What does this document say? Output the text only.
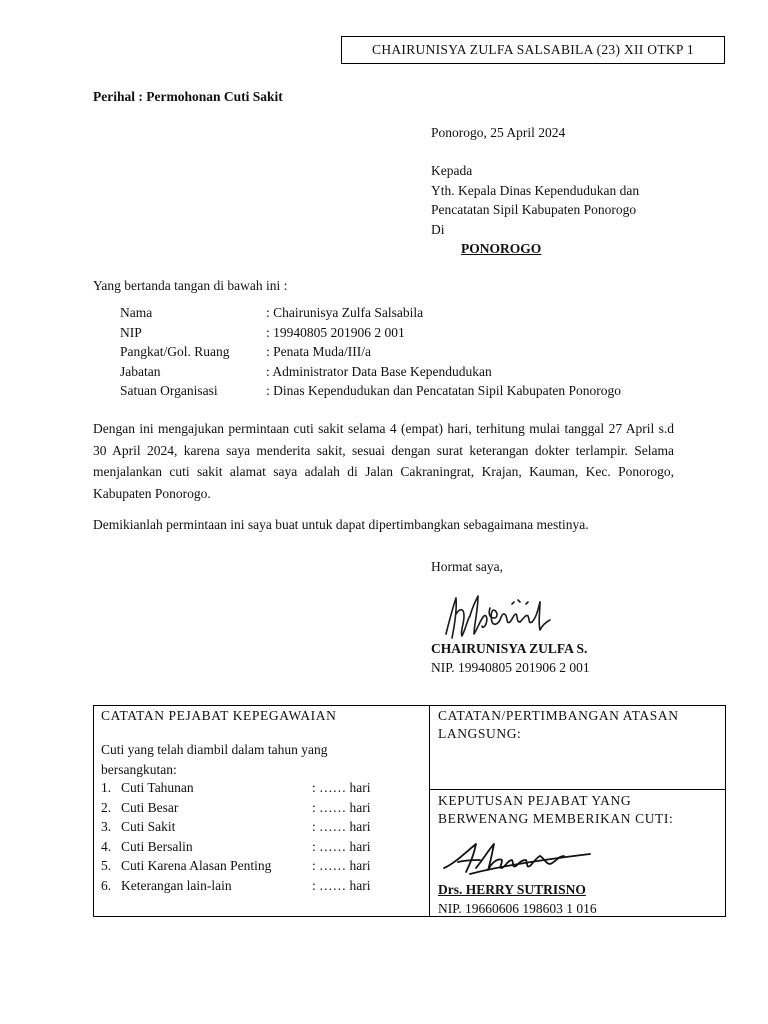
CHAIRUNISYA ZULFA SALSABILA (23) XII OTKP 1
Perihal : Permohonan Cuti Sakit
Ponorogo, 25 April 2024
Kepada
Yth. Kepala Dinas Kependudukan dan
Pencatatan Sipil Kabupaten Ponorogo
Di
PONOROGO
Yang bertanda tangan di bawah ini :
Nama	: Chairunisya Zulfa Salsabila
NIP	: 19940805 201906 2 001
Pangkat/Gol. Ruang	: Penata Muda/III/a
Jabatan	: Administrator Data Base Kependudukan
Satuan Organisasi	: Dinas Kependudukan dan Pencatatan Sipil Kabupaten Ponorogo
Dengan ini mengajukan permintaan cuti sakit selama 4 (empat) hari, terhitung mulai tanggal 27 April s.d 30 April 2024, karena saya menderita sakit, sesuai dengan surat keterangan dokter terlampir. Selama menjalankan cuti sakit alamat saya adalah di Jalan Cakraningrat, Krajan, Kauman, Kec. Ponorogo, Kabupaten Ponorogo.
Demikianlah permintaan ini saya buat untuk dapat dipertimbangkan sebagaimana mestinya.
Hormat saya,
CHAIRUNISYA ZULFA S.
NIP. 19940805 201906 2 001
CATATAN PEJABAT KEPEGAWAIAN
Cuti yang telah diambil dalam tahun yang
bersangkutan:
1. Cuti Tahunan	: …… hari
2. Cuti Besar	: …… hari
3. Cuti Sakit	: …… hari
4. Cuti Bersalin	: …… hari
5. Cuti Karena Alasan Penting	: …… hari
6. Keterangan lain-lain	: …… hari
CATATAN/PERTIMBANGAN ATASAN
LANGSUNG:
KEPUTUSAN PEJABAT YANG
BERWENANG MEMBERIKAN CUTI:
Drs. HERRY SUTRISNO
NIP. 19660606 198603 1 016
